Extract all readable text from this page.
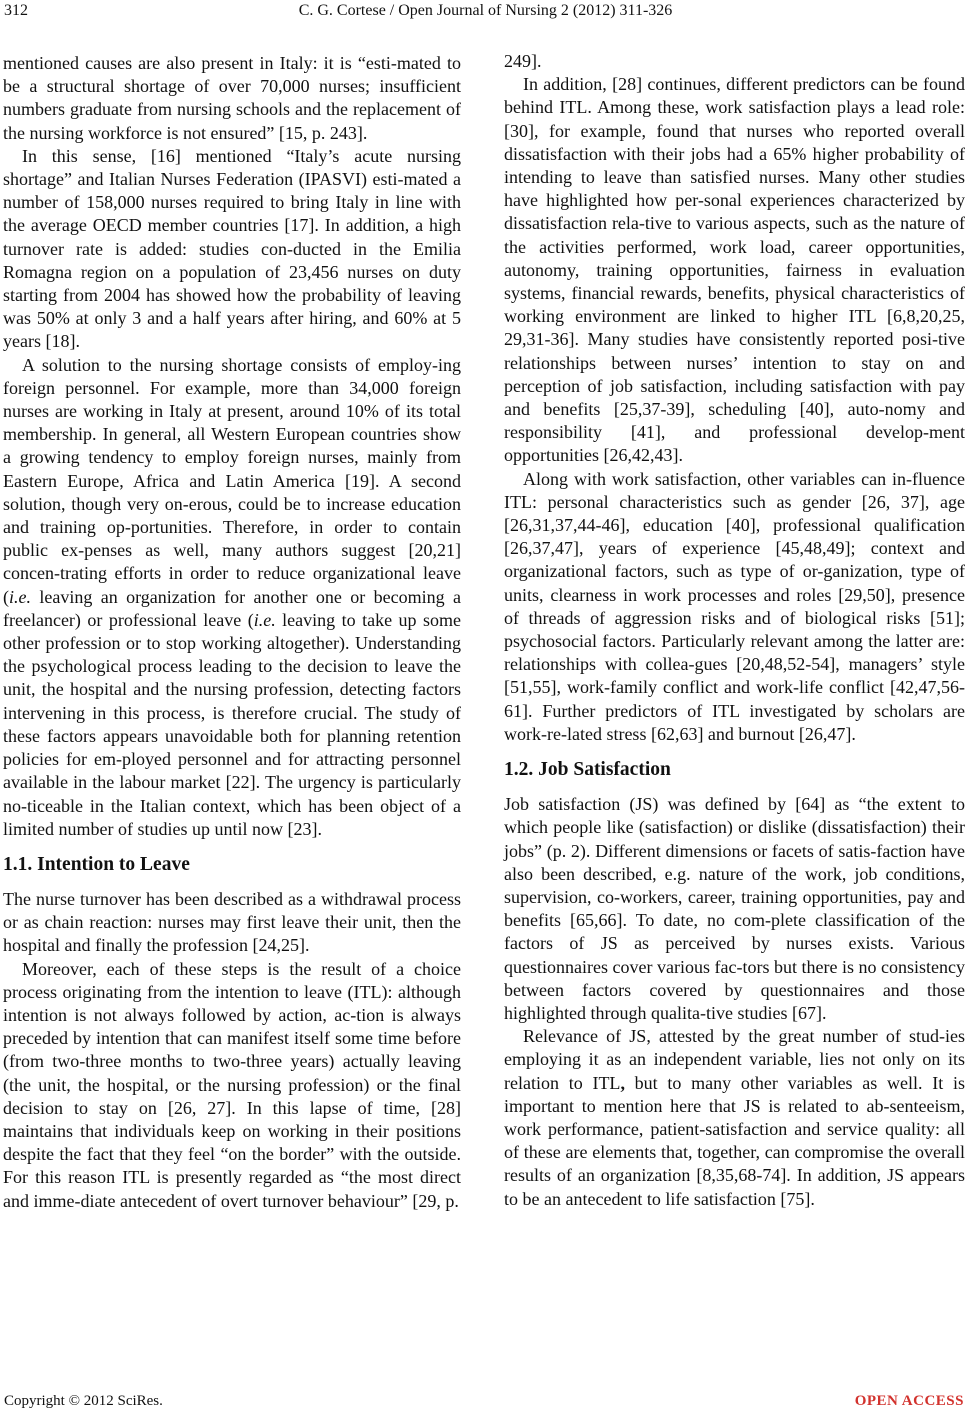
312	C. G. Cortese / Open Journal of Nursing 2 (2012) 311-326

mentioned causes are also present in Italy: it is “esti-mated to be a structural shortage of over 70,000 nurses; insufficient numbers graduate from nursing schools and the replacement of the nursing workforce is not ensured” [15, p. 243].

In this sense, [16] mentioned “Italy’s acute nursing shortage” and Italian Nurses Federation (IPASVI) esti-mated a number of 158,000 nurses required to bring Italy in line with the average OECD member countries [17]. In addition, a high turnover rate is added: studies con-ducted in the Emilia Romagna region on a population of 23,456 nurses on duty starting from 2004 has showed how the probability of leaving was 50% at only 3 and a half years after hiring, and 60% at 5 years [18].

A solution to the nursing shortage consists of employ-ing foreign personnel. For example, more than 34,000 foreign nurses are working in Italy at present, around 10% of its total membership. In general, all Western European countries show a growing tendency to employ foreign nurses, mainly from Eastern Europe, Africa and Latin America [19]. A second solution, though very on-erous, could be to increase education and training op-portunities. Therefore, in order to contain public ex-penses as well, many authors suggest [20,21] concen-trating efforts in order to reduce organizational leave (i.e. leaving an organization for another one or becoming a freelancer) or professional leave (i.e. leaving to take up some other profession or to stop working altogether). Understanding the psychological process leading to the decision to leave the unit, the hospital and the nursing profession, detecting factors intervening in this process, is therefore crucial. The study of these factors appears unavoidable both for planning retention policies for em-ployed personnel and for attracting personnel available in the labour market [22]. The urgency is particularly no-ticeable in the Italian context, which has been object of a limited number of studies up until now [23].

1.1. Intention to Leave

The nurse turnover has been described as a withdrawal process or as chain reaction: nurses may first leave their unit, then the hospital and finally the profession [24,25].

Moreover, each of these steps is the result of a choice process originating from the intention to leave (ITL): although intention is not always followed by action, ac-tion is always preceded by intention that can manifest itself some time before (from two-three months to two-three years) actually leaving (the unit, the hospital, or the nursing profession) or the final decision to stay on [26, 27]. In this lapse of time, [28] maintains that individuals keep on working in their positions despite the fact that they feel “on the border” with the outside. For this reason ITL is presently regarded as “the most direct and imme-diate antecedent of overt turnover behaviour” [29, p.

249].

In addition, [28] continues, different predictors can be found behind ITL. Among these, work satisfaction plays a lead role: [30], for example, found that nurses who reported overall dissatisfaction with their jobs had a 65% higher probability of intending to leave than satisfied nurses. Many other studies have highlighted how per-sonal experiences characterized by dissatisfaction rela-tive to various aspects, such as the nature of the activities performed, work load, career opportunities, autonomy, training opportunities, fairness in evaluation systems, financial rewards, benefits, physical characteristics of working environment are linked to higher ITL [6,8,20,25, 29,31-36]. Many studies have consistently reported posi-tive relationships between nurses’ intention to stay on and perception of job satisfaction, including satisfaction with pay and benefits [25,37-39], scheduling [40], auto-nomy and responsibility [41], and professional develop-ment opportunities [26,42,43].

Along with work satisfaction, other variables can in-fluence ITL: personal characteristics such as gender [26, 37], age [26,31,37,44-46], education [40], professional qualification [26,37,47], years of experience [45,48,49]; context and organizational factors, such as type of or-ganization, type of units, clearness in work processes and roles [29,50], presence of threads of aggression risks and of biological risks [51]; psychosocial factors. Particularly relevant among the latter are: relationships with collea-gues [20,48,52-54], managers’ style [51,55], work-family conflict and work-life conflict [42,47,56-61]. Further predictors of ITL investigated by scholars are work-re-lated stress [62,63] and burnout [26,47].

1.2. Job Satisfaction

Job satisfaction (JS) was defined by [64] as “the extent to which people like (satisfaction) or dislike (dissatisfaction) their jobs” (p. 2). Different dimensions or facets of satis-faction have also been described, e.g. nature of the work, job conditions, supervision, co-workers, career, training opportunities, pay and benefits [65,66]. To date, no com-plete classification of the factors of JS as perceived by nurses exists. Various questionnaires cover various fac-tors but there is no consistency between factors covered by questionnaires and those highlighted through qualita-tive studies [67].

Relevance of JS, attested by the great number of stud-ies employing it as an independent variable, lies not only on its relation to ITL, but to many other variables as well. It is important to mention here that JS is related to ab-senteeism, work performance, patient-satisfaction and service quality: all of these are elements that, together, can compromise the overall results of an organization [8,35,68-74]. In addition, JS appears to be an antecedent to life satisfaction [75].

Copyright © 2012 SciRes.	OPEN ACCESS
